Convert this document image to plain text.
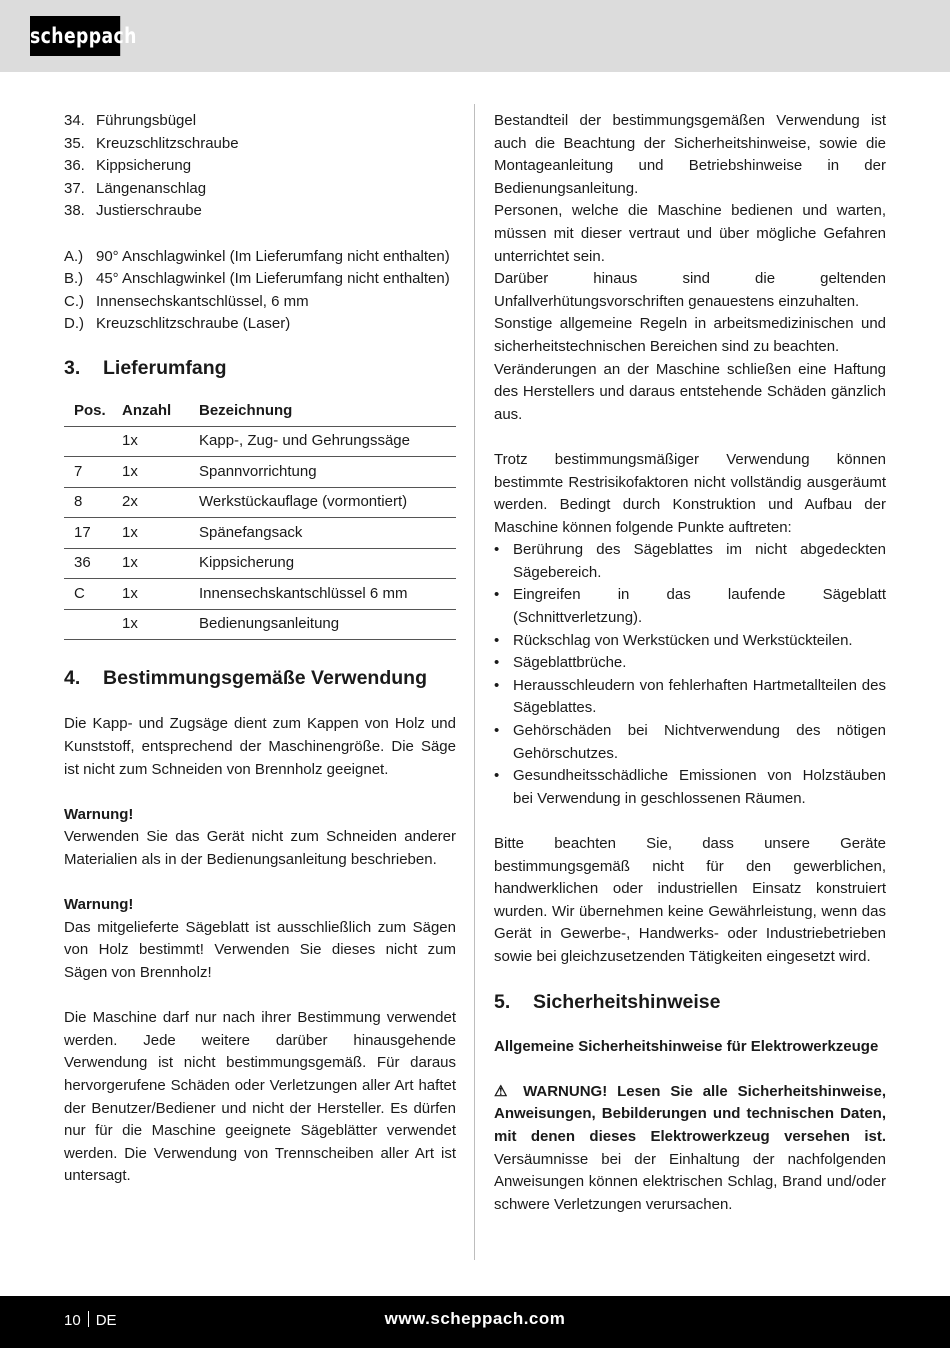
scheppach
34. Führungsbügel
35. Kreuzschlitzschraube
36. Kippsicherung
37. Längenanschlag
38. Justierschraube
A.) 90° Anschlagwinkel (Im Lieferumfang nicht enthalten)
B.) 45° Anschlagwinkel (Im Lieferumfang nicht enthalten)
C.) Innensechskantschlüssel, 6 mm
D.) Kreuzschlitzschraube (Laser)
3.	Lieferumfang
Pos.	Anzahl	Bezeichnung
	1x	Kapp-, Zug- und Gehrungssäge
7	1x	Spannvorrichtung
8	2x	Werkstückauflage (vormontiert)
17	1x	Spänefangsack
36	1x	Kippsicherung
C	1x	Innensechskantschlüssel 6 mm
	1x	Bedienungsanleitung
4.	Bestimmungsgemäße Verwendung

Die Kapp- und Zugsäge dient zum Kappen von Holz und Kunststoff, entsprechend der Maschinengröße. Die Säge ist nicht zum Schneiden von Brennholz geeignet.

Warnung!

Verwenden Sie das Gerät nicht zum Schneiden anderer Materialien als in der Bedienungsanleitung beschrieben.

Warnung!

Das mitgelieferte Sägeblatt ist ausschließlich zum Sägen von Holz bestimmt! Verwenden Sie dieses nicht zum Sägen von Brennholz!

Die Maschine darf nur nach ihrer Bestimmung verwendet werden. Jede weitere darüber hinausgehende Verwendung ist nicht bestimmungsgemäß. Für daraus hervorgerufene Schäden oder Verletzungen aller Art haftet der Benutzer/Bediener und nicht der Hersteller. Es dürfen nur für die Maschine geeignete Sägeblätter verwendet werden. Die Verwendung von Trennscheiben aller Art ist untersagt.

Bestandteil der bestimmungsgemäßen Verwendung ist auch die Beachtung der Sicherheitshinweise, sowie die Montageanleitung und Betriebshinweise in der Bedienungsanleitung.

Personen, welche die Maschine bedienen und warten, müssen mit dieser vertraut und über mögliche Gefahren unterrichtet sein.

Darüber hinaus sind die geltenden Unfallverhütungsvorschriften genauestens einzuhalten.

Sonstige allgemeine Regeln in arbeitsmedizinischen und sicherheitstechnischen Bereichen sind zu beachten.

Veränderungen an der Maschine schließen eine Haftung des Herstellers und daraus entstehende Schäden gänzlich aus.

Trotz bestimmungsmäßiger Verwendung können bestimmte Restrisikofaktoren nicht vollständig ausgeräumt werden. Bedingt durch Konstruktion und Aufbau der Maschine können folgende Punkte auftreten:

• Berührung des Sägeblattes im nicht abgedeckten Sägebereich.
• Eingreifen in das laufende Sägeblatt (Schnittverletzung).
• Rückschlag von Werkstücken und Werkstückteilen.
• Sägeblattbrüche.
• Herausschleudern von fehlerhaften Hartmetallteilen des Sägeblattes.
• Gehörschäden bei Nichtverwendung des nötigen Gehörschutzes.
• Gesundheitsschädliche Emissionen von Holzstäuben bei Verwendung in geschlossenen Räumen.

Bitte beachten Sie, dass unsere Geräte bestimmungsgemäß nicht für den gewerblichen, handwerklichen oder industriellen Einsatz konstruiert wurden. Wir übernehmen keine Gewährleistung, wenn das Gerät in Gewerbe-, Handwerks- oder Industriebetrieben sowie bei gleichzusetzenden Tätigkeiten eingesetzt wird.

5.	Sicherheitshinweise

Allgemeine Sicherheitshinweise für Elektrowerkzeuge

⚠ WARNUNG! Lesen Sie alle Sicherheitshinweise, Anweisungen, Bebilderungen und technischen Daten, mit denen dieses Elektrowerkzeug versehen ist. Versäumnisse bei der Einhaltung der nachfolgenden Anweisungen können elektrischen Schlag, Brand und/oder schwere Verletzungen verursachen.

10 DE	www.scheppach.com
